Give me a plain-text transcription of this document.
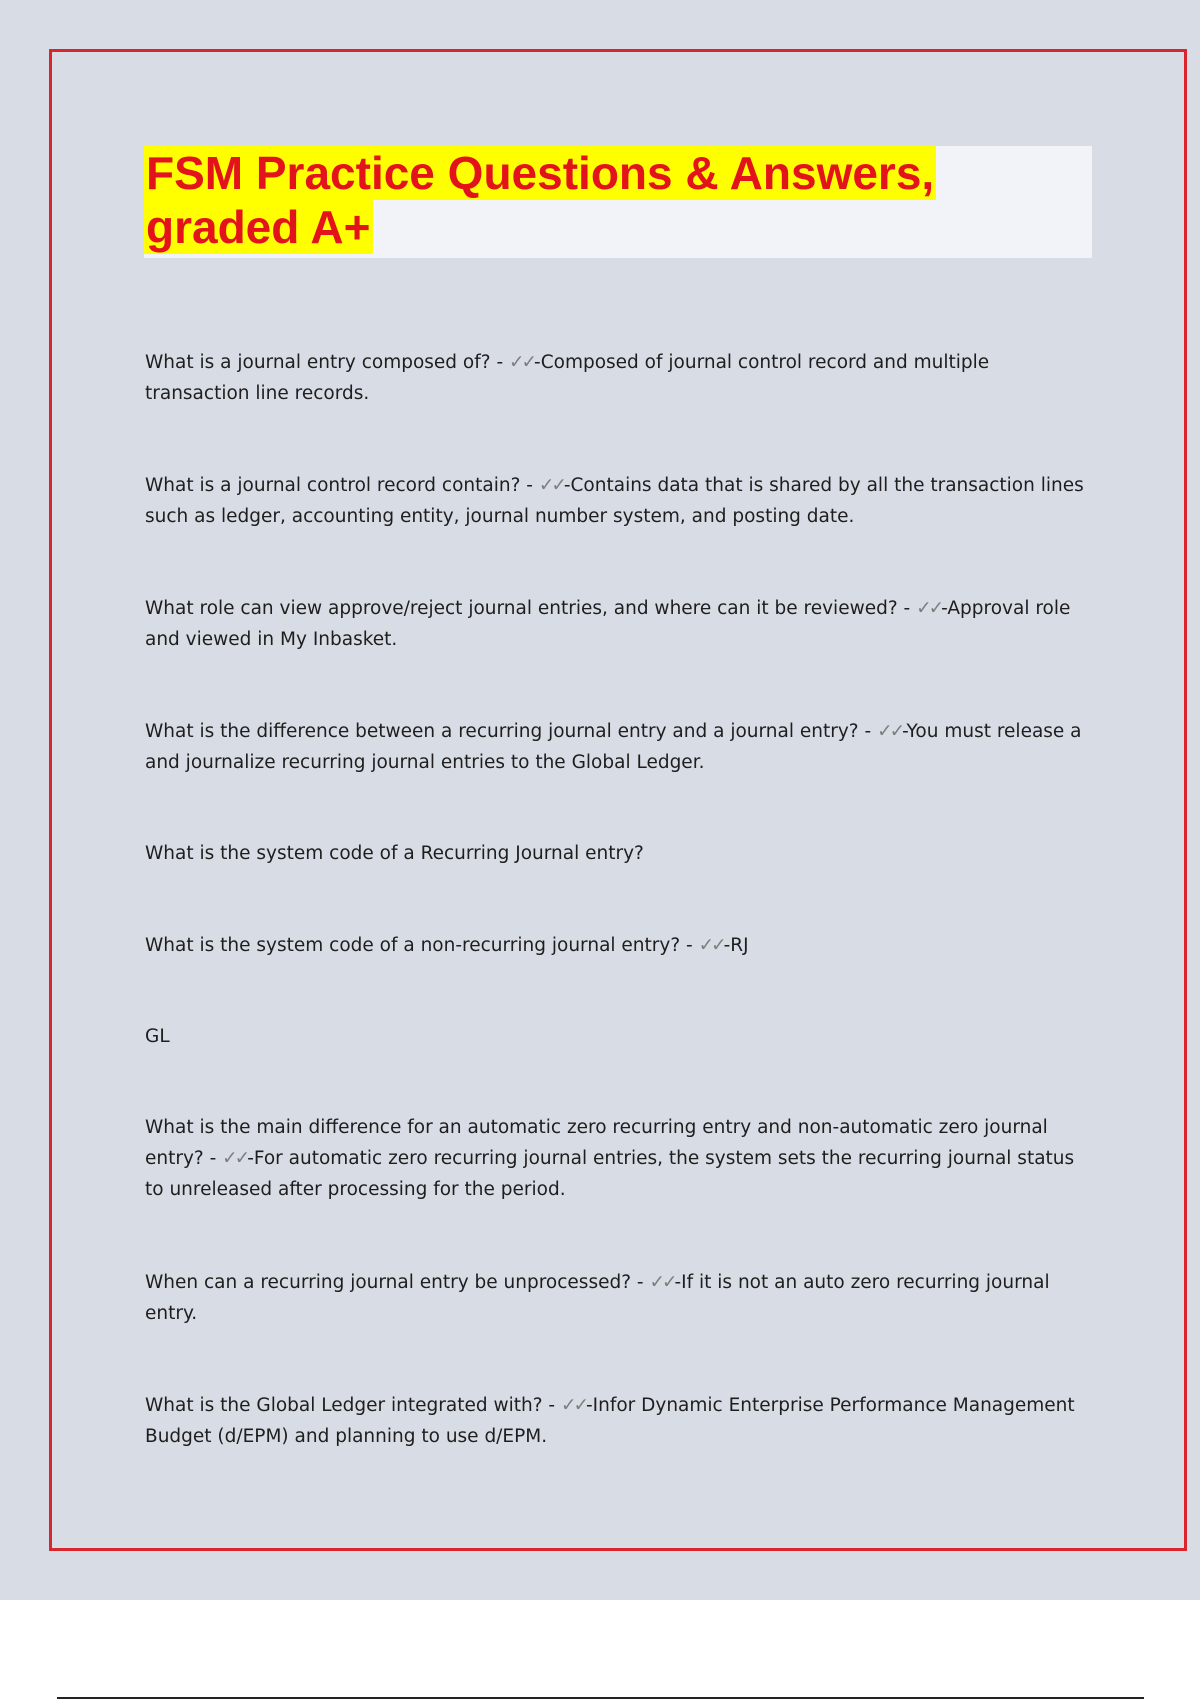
FSM Practice Questions & Answers,
graded A+

What is a journal entry composed of? - ✓✓-Composed of journal control record and multiple transaction line records.

What is a journal control record contain? - ✓✓-Contains data that is shared by all the transaction lines such as ledger, accounting entity, journal number system, and posting date.

What role can view approve/reject journal entries, and where can it be reviewed? - ✓✓-Approval role and viewed in My Inbasket.

What is the difference between a recurring journal entry and a journal entry? - ✓✓-You must release a and journalize recurring journal entries to the Global Ledger.

What is the system code of a Recurring Journal entry?

What is the system code of a non-recurring journal entry? - ✓✓-RJ

GL

What is the main difference for an automatic zero recurring entry and non-automatic zero journal entry? - ✓✓-For automatic zero recurring journal entries, the system sets the recurring journal status to unreleased after processing for the period.

When can a recurring journal entry be unprocessed? - ✓✓-If it is not an auto zero recurring journal entry.

What is the Global Ledger integrated with? - ✓✓-Infor Dynamic Enterprise Performance Management Budget (d/EPM) and planning to use d/EPM.
